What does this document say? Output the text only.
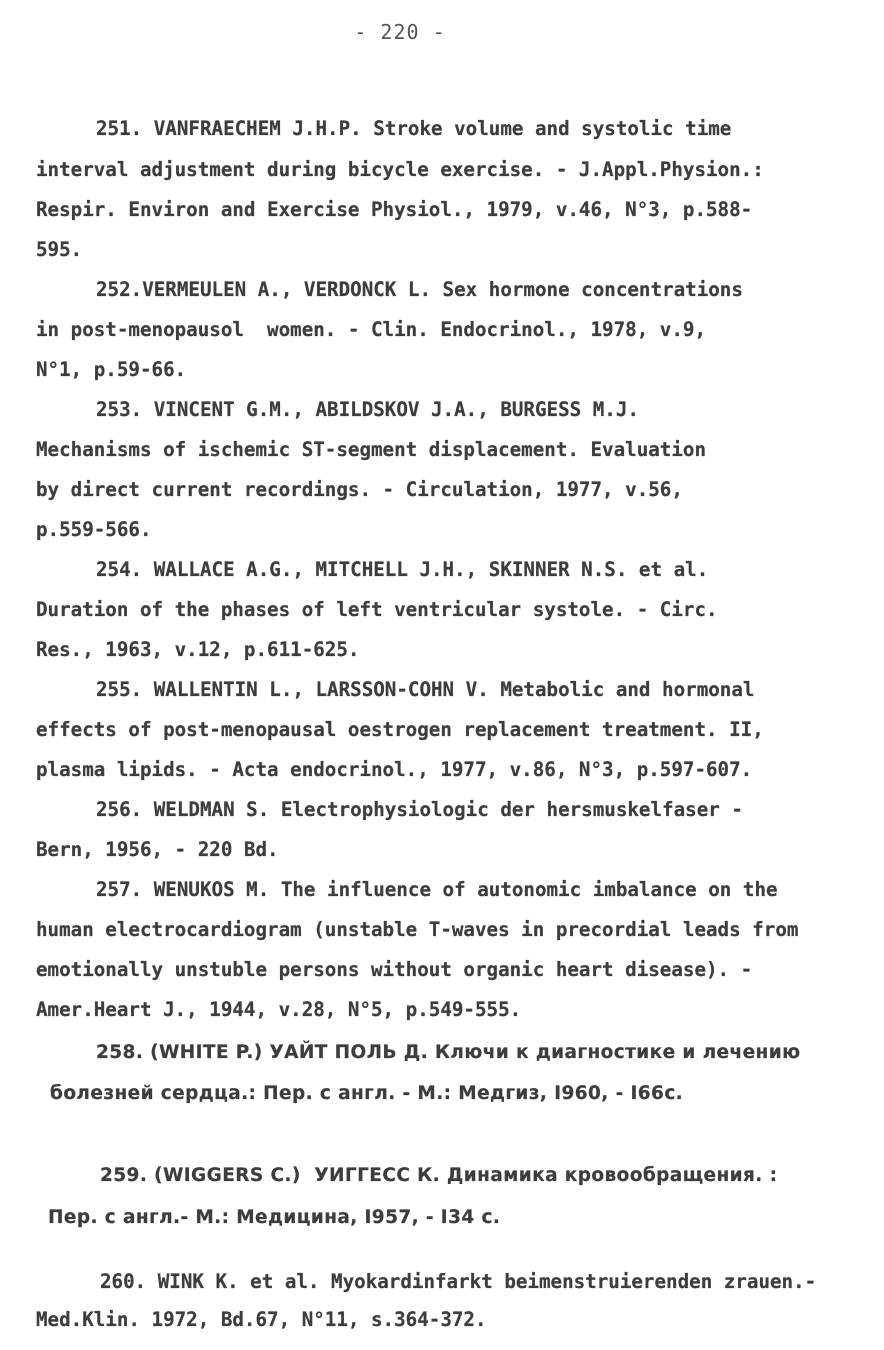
- 220 -
251. VANFRAECHEM J.H.P. Stroke volume and systolic time
interval adjustment during bicycle exercise. - J.Appl.Physion.:
Respir. Environ and Exercise Physiol., 1979, v.46, N°3, p.588-
595.
252.VERMEULEN A., VERDONCK L. Sex hormone concentrations
in post-menopausol  women. - Clin. Endocrinol., 1978, v.9,
N°1, p.59-66.
253. VINCENT G.M., ABILDSKOV J.A., BURGESS M.J.
Mechanisms of ischemic ST-segment displacement. Evaluation
by direct current recordings. - Circulation, 1977, v.56,
p.559-566.
254. WALLACE A.G., MITCHELL J.H., SKINNER N.S. et al.
Duration of the phases of left ventricular systole. - Circ.
Res., 1963, v.12, p.611-625.
255. WALLENTIN L., LARSSON-COHN V. Metabolic and hormonal
effects of post-menopausal oestrogen replacement treatment. II,
plasma lipids. - Acta endocrinol., 1977, v.86, N°3, p.597-607.
256. WELDMAN S. Electrophysiologic der hersmuskelfaser -
Bern, 1956, - 220 Bd.
257. WENUKOS M. The influence of autonomic imbalance on the
human electrocardiogram (unstable T-waves in precordial leads from
emotionally unstuble persons without organic heart disease). -
Amer.Heart J., 1944, v.28, N°5, p.549-555.
258. (WHITE P.) УАЙТ ПОЛЬ Д. Ключи к диагностике и лечению
болезней сердца.: Пер. с англ. - М.: Медгиз, I960, - I66с.
259. (WIGGERS C.)  УИГГЕСС К. Динамика кровообращения. :
Пер. с англ.- М.: Медицина, I957, - I34 с.
260. WINK K. et al. Myokardinfarkt beimenstruierenden zrauen.-
Med.Klin. 1972, Bd.67, N°11, s.364-372.
